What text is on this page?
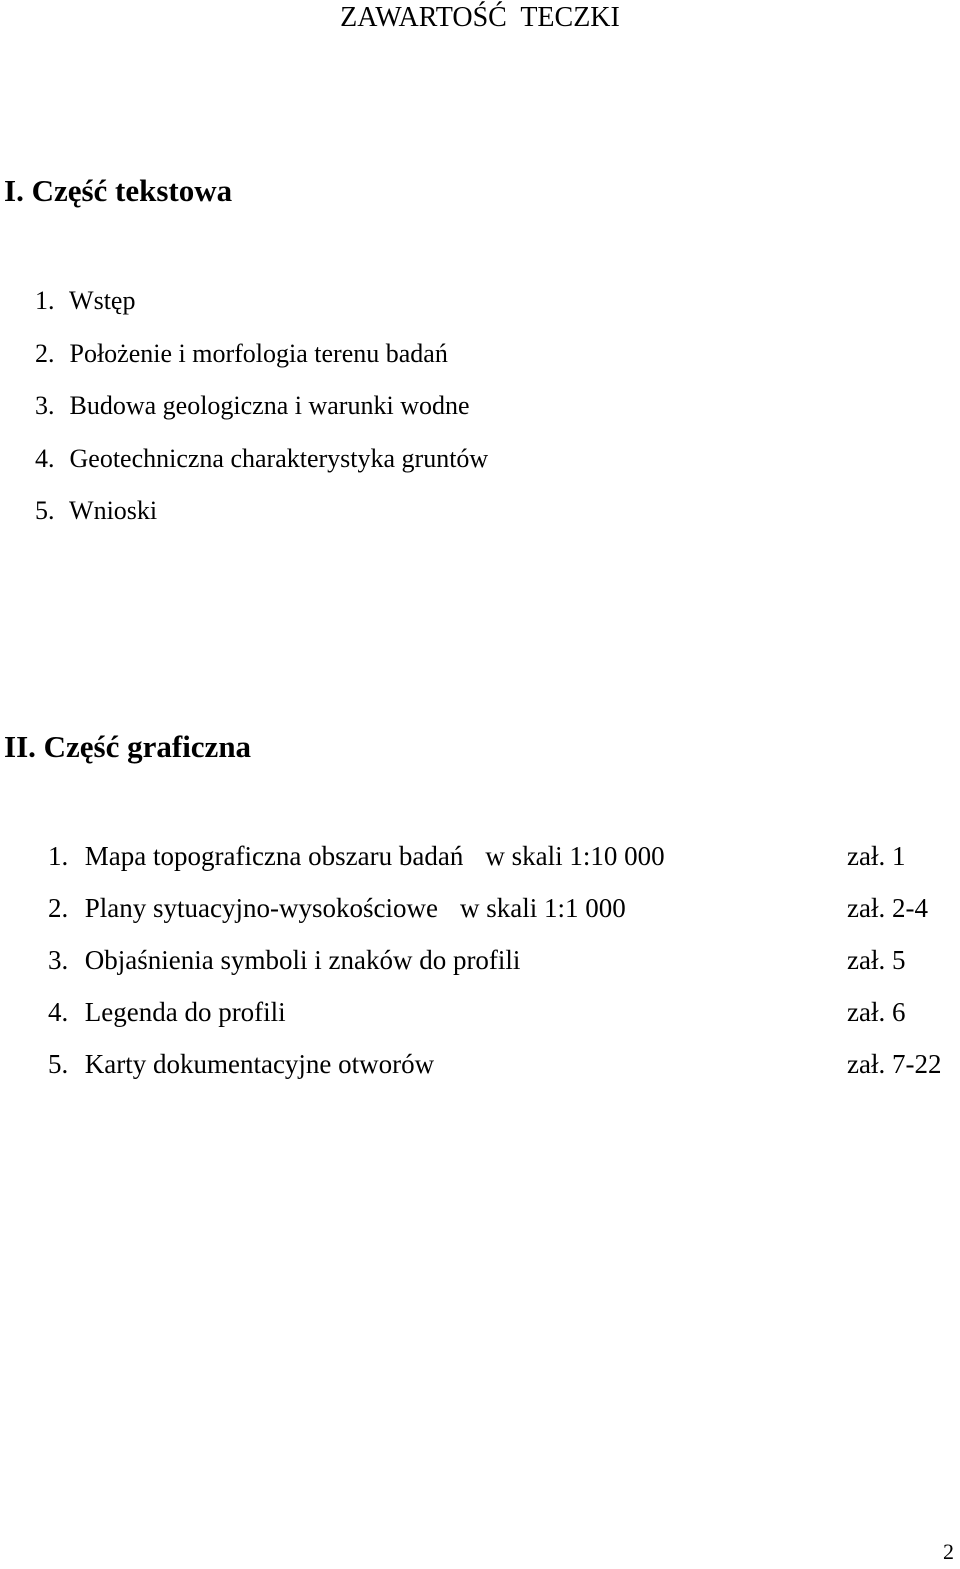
ZAWARTOŚĆ  TECZKI
I. Część tekstowa
1. Wstęp
2. Położenie i morfologia terenu badań
3. Budowa geologiczna i warunki wodne
4. Geotechniczna charakterystyka gruntów
5. Wnioski
II. Część graficzna
1. Mapa topograficzna obszaru badań w skali 1:10 000	zał. 1
2. Plany sytuacyjno-wysokościowe w skali 1:1 000	zał. 2-4
3. Objaśnienia symboli i znaków do profili	zał. 5
4. Legenda do profili	zał. 6
5. Karty dokumentacyjne otworów	zał. 7-22
2
